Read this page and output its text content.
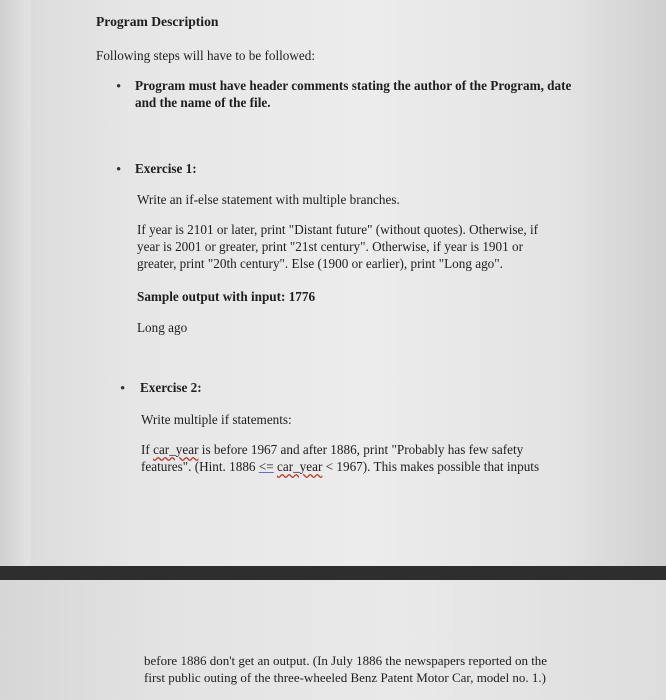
Program Description
Following steps will have to be followed:
• Program must have header comments stating the author of the Program, date
and the name of the file.
• Exercise 1:
Write an if-else statement with multiple branches.
If year is 2101 or later, print "Distant future" (without quotes). Otherwise, if
year is 2001 or greater, print "21st century". Otherwise, if year is 1901 or
greater, print "20th century". Else (1900 or earlier), print "Long ago".
Sample output with input: 1776
Long ago
• Exercise 2:
Write multiple if statements:
If car_year is before 1967 and after 1886, print "Probably has few safety
features". (Hint. 1886 <= car_year < 1967). This makes possible that inputs
before 1886 don't get an output. (In July 1886 the newspapers reported on the
first public outing of the three-wheeled Benz Patent Motor Car, model no. 1.)
